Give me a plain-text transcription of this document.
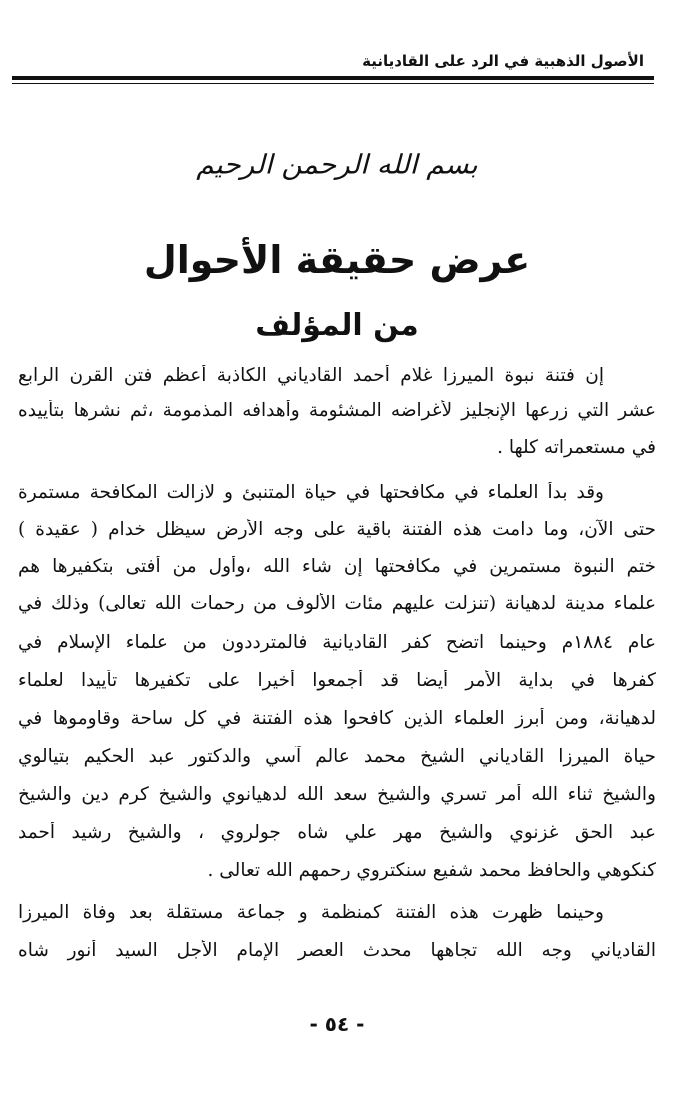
الأصول الذهبية في الرد على القاديانية
بسم الله الرحمن الرحيم
عرض حقيقة الأحوال
من المؤلف
إن فتنة نبوة الميرزا غلام أحمد القادياني الكاذبة أعظم فتن القرن الرابع
عشر التي زرعها الإنجليز لأغراضه المشئومة وأهدافه المذمومة ،ثم نشرها بتأييده
في مستعمراته كلها .
وقد بدأ العلماء في مكافحتها في حياة المتنبئ و لازالت المكافحة مستمرة
حتى الآن، وما دامت هذه الفتنة باقية على وجه الأرض سيظل خدام ( عقيدة )
ختم النبوة مستمرين في مكافحتها إن شاء الله ،وأول من أفتى بتكفيرها هم
علماء مدينة لدهيانة (تنزلت عليهم مئات الألوف من رحمات الله تعالى) وذلك في
عام ١٨٨٤م وحينما اتضح كفر القاديانية فالمترددون من علماء الإسلام في
كفرها في بداية الأمر أيضا قد أجمعوا أخيرا على تكفيرها تأييدا لعلماء
لدهيانة، ومن أبرز العلماء الذين كافحوا هذه الفتنة في كل ساحة وقاوموها في
حياة الميرزا القادياني الشيخ محمد عالم آسي والدكتور عبد الحكيم بتيالوي
والشيخ ثناء الله أمر تسري والشيخ سعد الله لدهيانوي والشيخ كرم دين والشيخ
عبد الحق غزنوي والشيخ مهر علي شاه جولروي ، والشيخ رشيد أحمد
كنكوهي والحافظ محمد شفيع سنكتروي رحمهم الله تعالى .
وحينما ظهرت هذه الفتنة كمنظمة و جماعة مستقلة بعد وفاة الميرزا
القادياني وجه الله تجاهها محدث العصر الإمام الأجل السيد أنور شاه
- ٥٤ -
